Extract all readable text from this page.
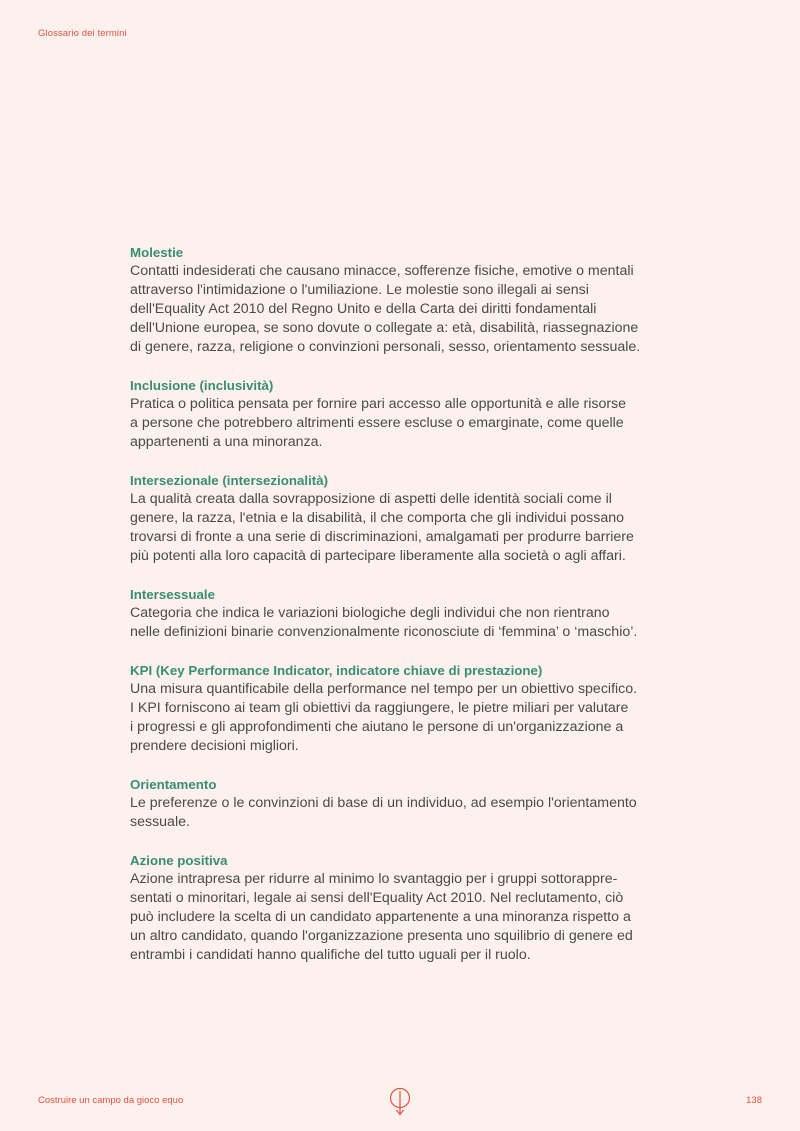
Glossario dei termini

Molestie

Contatti indesiderati che causano minacce, sofferenze fisiche, emotive o mentali
attraverso l'intimidazione o l'umiliazione. Le molestie sono illegali ai sensi
dell'Equality Act 2010 del Regno Unito e della Carta dei diritti fondamentali
dell'Unione europea, se sono dovute o collegate a: età, disabilità, riassegnazione
di genere, razza, religione o convinzioni personali, sesso, orientamento sessuale.

Inclusione (inclusività)

Pratica o politica pensata per fornire pari accesso alle opportunità e alle risorse
a persone che potrebbero altrimenti essere escluse o emarginate, come quelle
appartenenti a una minoranza.

Intersezionale (intersezionalità)

La qualità creata dalla sovrapposizione di aspetti delle identità sociali come il
genere, la razza, l'etnia e la disabilità, il che comporta che gli individui possano
trovarsi di fronte a una serie di discriminazioni, amalgamati per produrre barriere
più potenti alla loro capacità di partecipare liberamente alla società o agli affari.

Intersessuale

Categoria che indica le variazioni biologiche degli individui che non rientrano
nelle definizioni binarie convenzionalmente riconosciute di ‘femmina’ o ‘maschio’.

KPI (Key Performance Indicator, indicatore chiave di prestazione)

Una misura quantificabile della performance nel tempo per un obiettivo specifico.
I KPI forniscono ai team gli obiettivi da raggiungere, le pietre miliari per valutare
i progressi e gli approfondimenti che aiutano le persone di un'organizzazione a
prendere decisioni migliori.

Orientamento

Le preferenze o le convinzioni di base di un individuo, ad esempio l'orientamento
sessuale.

Azione positiva

Azione intrapresa per ridurre al minimo lo svantaggio per i gruppi sottorappre-
sentati o minoritari, legale ai sensi dell'Equality Act 2010. Nel reclutamento, ciò
può includere la scelta di un candidato appartenente a una minoranza rispetto a
un altro candidato, quando l'organizzazione presenta uno squilibrio di genere ed
entrambi i candidati hanno qualifiche del tutto uguali per il ruolo.

Costruire un campo da gioco equo	138
